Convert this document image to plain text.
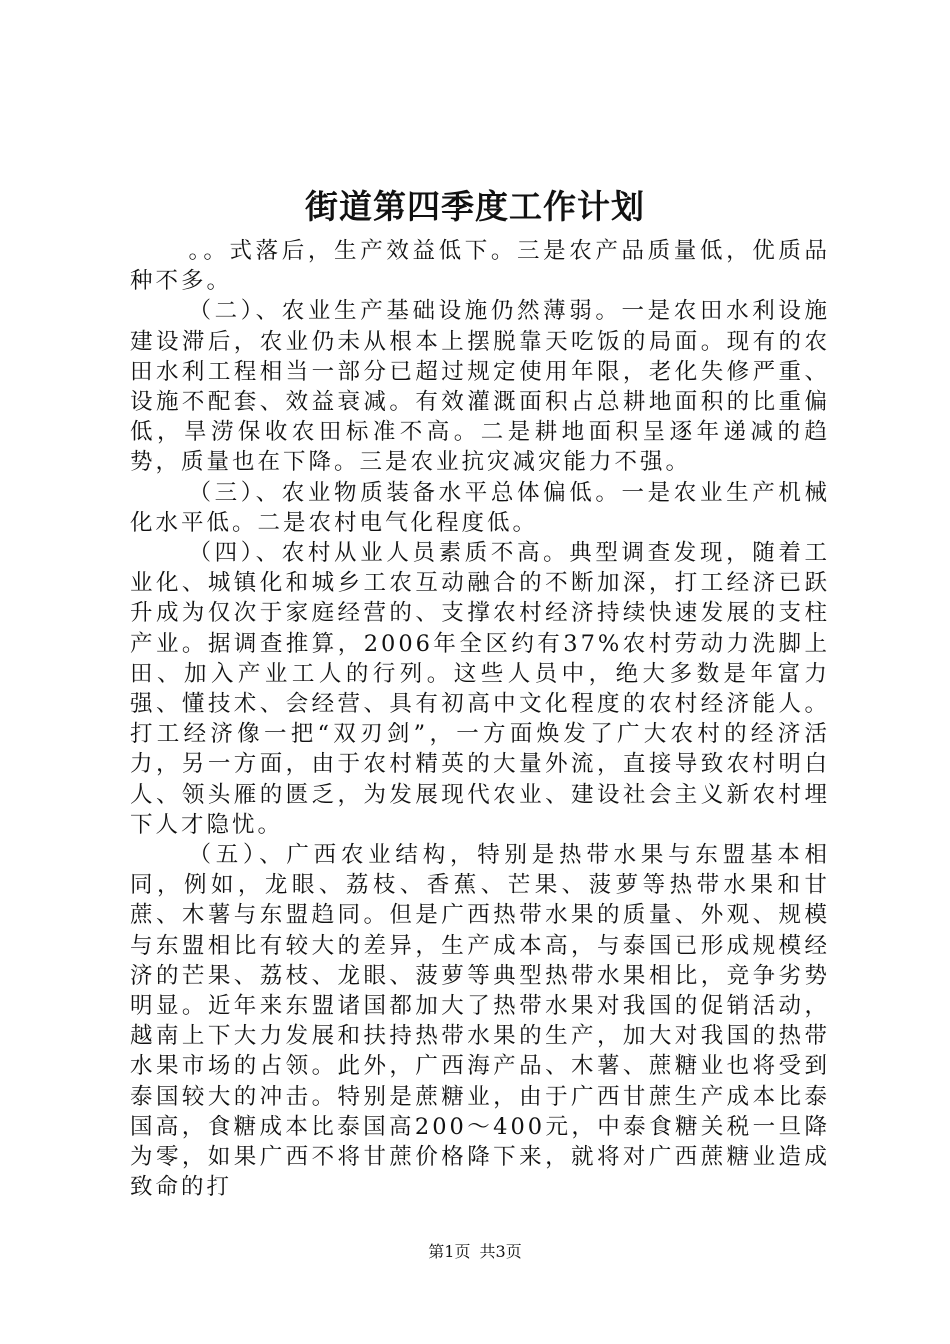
街道第四季度工作计划

。。式落后，生产效益低下。三是农产品质量低，优质品种不多。

（二）、农业生产基础设施仍然薄弱。一是农田水利设施建设滞后，农业仍未从根本上摆脱靠天吃饭的局面。现有的农田水利工程相当一部分已超过规定使用年限，老化失修严重、设施不配套、效益衰减。有效灌溉面积占总耕地面积的比重偏低，旱涝保收农田标准不高。二是耕地面积呈逐年递减的趋势，质量也在下降。三是农业抗灾减灾能力不强。

（三）、农业物质装备水平总体偏低。一是农业生产机械化水平低。二是农村电气化程度低。

（四）、农村从业人员素质不高。典型调查发现，随着工业化、城镇化和城乡工农互动融合的不断加深，打工经济已跃升成为仅次于家庭经营的、支撑农村经济持续快速发展的支柱产业。据调查推算，2006年全区约有37%农村劳动力洗脚上田、加入产业工人的行列。这些人员中，绝大多数是年富力强、懂技术、会经营、具有初高中文化程度的农村经济能人。打工经济像一把“双刃剑”，一方面焕发了广大农村的经济活力，另一方面，由于农村精英的大量外流，直接导致农村明白人、领头雁的匮乏，为发展现代农业、建设社会主义新农村埋下人才隐忧。

（五）、广西农业结构，特别是热带水果与东盟基本相同，例如，龙眼、荔枝、香蕉、芒果、菠萝等热带水果和甘蔗、木薯与东盟趋同。但是广西热带水果的质量、外观、规模与东盟相比有较大的差异，生产成本高，与泰国已形成规模经济的芒果、荔枝、龙眼、菠萝等典型热带水果相比，竞争劣势明显。近年来东盟诸国都加大了热带水果对我国的促销活动，越南上下大力发展和扶持热带水果的生产，加大对我国的热带水果市场的占领。此外，广西海产品、木薯、蔗糖业也将受到泰国较大的冲击。特别是蔗糖业，由于广西甘蔗生产成本比泰国高，食糖成本比泰国高200～400元，中泰食糖关税一旦降为零，如果广西不将甘蔗价格降下来，就将对广西蔗糖业造成致命的打

第1页 共3页
